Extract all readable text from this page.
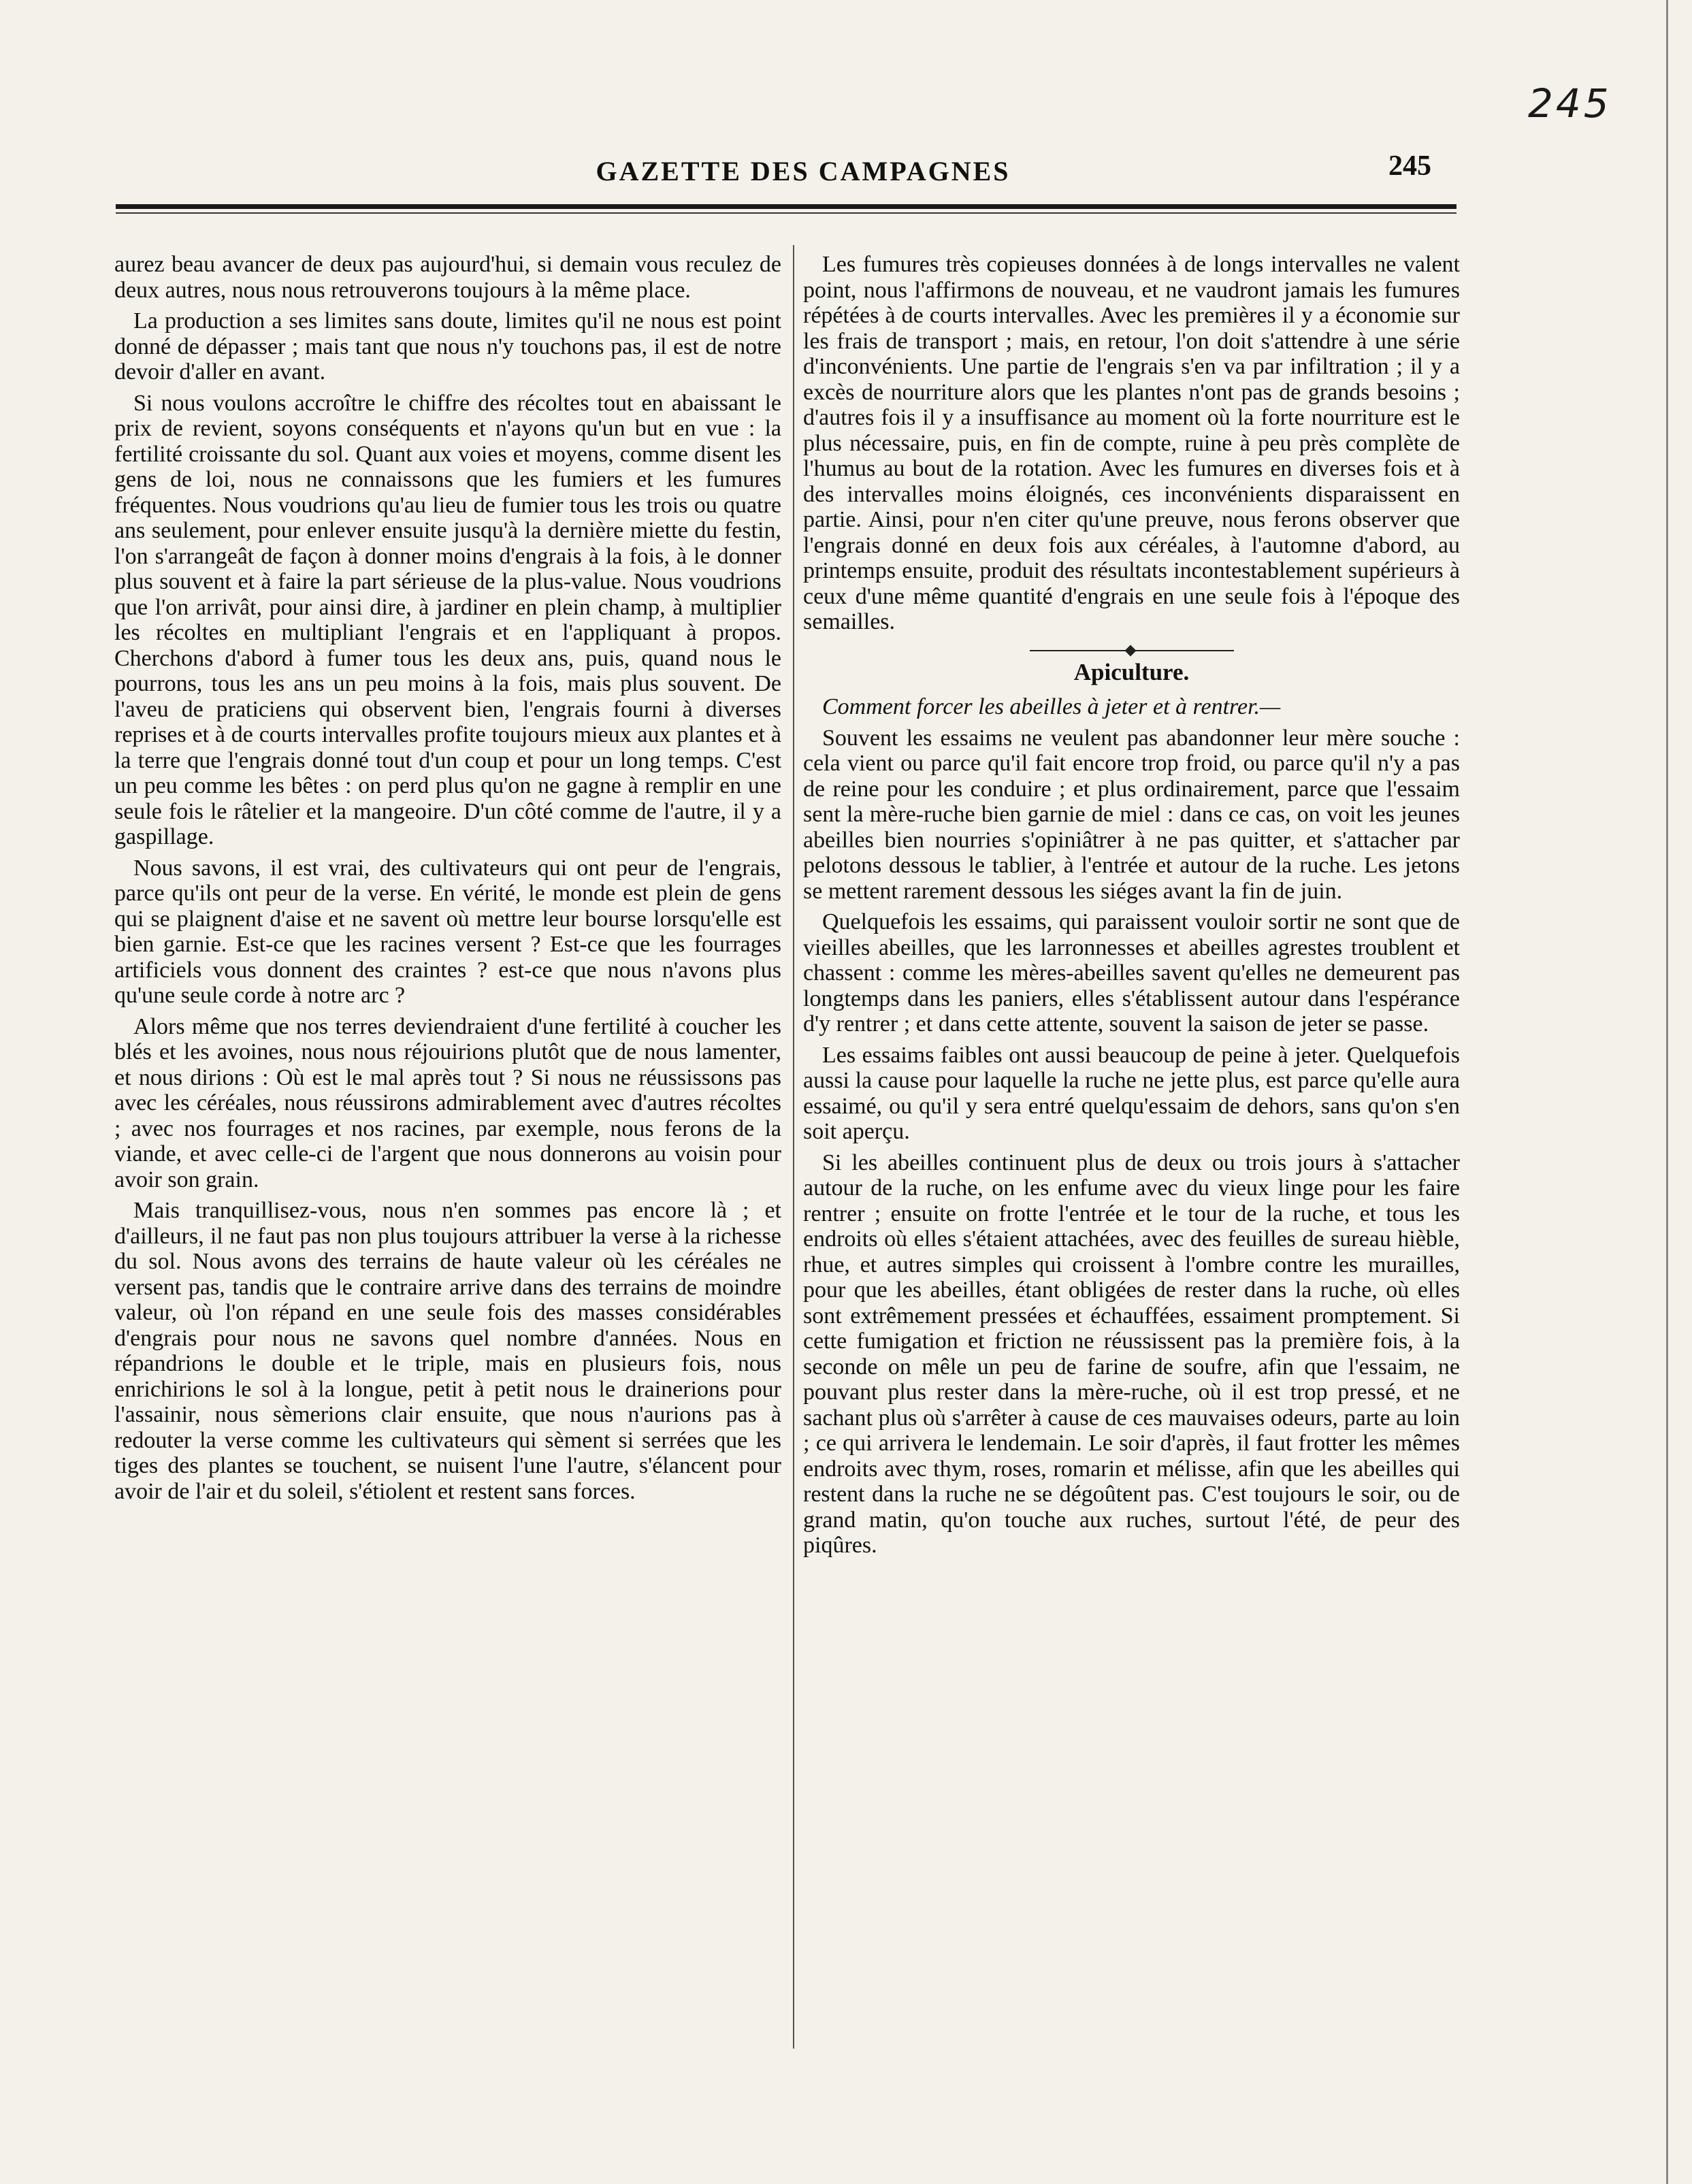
245
GAZETTE DES CAMPAGNES	245

aurez beau avancer de deux pas aujourd'hui, si demain vous reculez de deux autres, nous nous retrouverons toujours à la même place.

La production a ses limites sans doute, limites qu'il ne nous est point donné de dépasser ; mais tant que nous n'y touchons pas, il est de notre devoir d'aller en avant.

Si nous voulons accroître le chiffre des récoltes tout en abaissant le prix de revient, soyons conséquents et n'ayons qu'un but en vue : la fertilité croissante du sol. Quant aux voies et moyens, comme disent les gens de loi, nous ne connaissons que les fumiers et les fumures fréquentes. Nous voudrions qu'au lieu de fumier tous les trois ou quatre ans seulement, pour enlever ensuite jusqu'à la dernière miette du festin, l'on s'arrangeât de façon à donner moins d'engrais à la fois, à le donner plus souvent et à faire la part sérieuse de la plus-value. Nous voudrions que l'on arrivât, pour ainsi dire, à jardiner en plein champ, à multiplier les récoltes en multipliant l'engrais et en l'appliquant à propos. Cherchons d'abord à fumer tous les deux ans, puis, quand nous le pourrons, tous les ans un peu moins à la fois, mais plus souvent. De l'aveu de praticiens qui observent bien, l'engrais fourni à diverses reprises et à de courts intervalles profite toujours mieux aux plantes et à la terre que l'engrais donné tout d'un coup et pour un long temps. C'est un peu comme les bêtes : on perd plus qu'on ne gagne à remplir en une seule fois le râtelier et la mangeoire. D'un côté comme de l'autre, il y a gaspillage.

Nous savons, il est vrai, des cultivateurs qui ont peur de l'engrais, parce qu'ils ont peur de la verse. En vérité, le monde est plein de gens qui se plaignent d'aise et ne savent où mettre leur bourse lorsqu'elle est bien garnie. Est-ce que les racines versent ? Est-ce que les fourrages artificiels vous donnent des craintes ? est-ce que nous n'avons plus qu'une seule corde à notre arc ?

Alors même que nos terres deviendraient d'une fertilité à coucher les blés et les avoines, nous nous réjouirions plutôt que de nous lamenter, et nous dirions : Où est le mal après tout ? Si nous ne réussissons pas avec les céréales, nous réussirons admirablement avec d'autres récoltes ; avec nos fourrages et nos racines, par exemple, nous ferons de la viande, et avec celle-ci de l'argent que nous donnerons au voisin pour avoir son grain.

Mais tranquillisez-vous, nous n'en sommes pas encore là ; et d'ailleurs, il ne faut pas non plus toujours attribuer la verse à la richesse du sol. Nous avons des terrains de haute valeur où les céréales ne versent pas, tandis que le contraire arrive dans des terrains de moindre valeur, où l'on répand en une seule fois des masses considérables d'engrais pour nous ne savons quel nombre d'années. Nous en répandrions le double et le triple, mais en plusieurs fois, nous enrichirions le sol à la longue, petit à petit nous le drainerions pour l'assainir, nous sèmerions clair ensuite, que nous n'aurions pas à redouter la verse comme les cultivateurs qui sèment si serrées que les tiges des plantes se touchent, se nuisent l'une l'autre, s'élancent pour avoir de l'air et du soleil, s'étiolent et restent sans forces.

Les fumures très copieuses données à de longs intervalles ne valent point, nous l'affirmons de nouveau, et ne vaudront jamais les fumures répétées à de courts intervalles. Avec les premières il y a économie sur les frais de transport ; mais, en retour, l'on doit s'attendre à une série d'inconvénients. Une partie de l'engrais s'en va par infiltration ; il y a excès de nourriture alors que les plantes n'ont pas de grands besoins ; d'autres fois il y a insuffisance au moment où la forte nourriture est le plus nécessaire, puis, en fin de compte, ruine à peu près complète de l'humus au bout de la rotation. Avec les fumures en diverses fois et à des intervalles moins éloignés, ces inconvénients disparaissent en partie. Ainsi, pour n'en citer qu'une preuve, nous ferons observer que l'engrais donné en deux fois aux céréales, à l'automne d'abord, au printemps ensuite, produit des résultats incontestablement supérieurs à ceux d'une même quantité d'engrais en une seule fois à l'époque des semailles.

Apiculture.

Comment forcer les abeilles à jeter et à rentrer.—

Souvent les essaims ne veulent pas abandonner leur mère souche : cela vient ou parce qu'il fait encore trop froid, ou parce qu'il n'y a pas de reine pour les conduire ; et plus ordinairement, parce que l'essaim sent la mère-ruche bien garnie de miel : dans ce cas, on voit les jeunes abeilles bien nourries s'opiniâtrer à ne pas quitter, et s'attacher par pelotons dessous le tablier, à l'entrée et autour de la ruche. Les jetons se mettent rarement dessous les siéges avant la fin de juin.

Quelquefois les essaims, qui paraissent vouloir sortir ne sont que de vieilles abeilles, que les larronnesses et abeilles agrestes troublent et chassent : comme les mères-abeilles savent qu'elles ne demeurent pas longtemps dans les paniers, elles s'établissent autour dans l'espérance d'y rentrer ; et dans cette attente, souvent la saison de jeter se passe.

Les essaims faibles ont aussi beaucoup de peine à jeter. Quelquefois aussi la cause pour laquelle la ruche ne jette plus, est parce qu'elle aura essaimé, ou qu'il y sera entré quelqu'essaim de dehors, sans qu'on s'en soit aperçu.

Si les abeilles continuent plus de deux ou trois jours à s'attacher autour de la ruche, on les enfume avec du vieux linge pour les faire rentrer ; ensuite on frotte l'entrée et le tour de la ruche, et tous les endroits où elles s'étaient attachées, avec des feuilles de sureau hièble, rhue, et autres simples qui croissent à l'ombre contre les murailles, pour que les abeilles, étant obligées de rester dans la ruche, où elles sont extrêmement pressées et échauffées, essaiment promptement. Si cette fumigation et friction ne réussissent pas la première fois, à la seconde on mêle un peu de farine de soufre, afin que l'essaim, ne pouvant plus rester dans la mère-ruche, où il est trop pressé, et ne sachant plus où s'arrêter à cause de ces mauvaises odeurs, parte au loin ; ce qui arrivera le lendemain. Le soir d'après, il faut frotter les mêmes endroits avec thym, roses, romarin et mélisse, afin que les abeilles qui restent dans la ruche ne se dégoûtent pas. C'est toujours le soir, ou de grand matin, qu'on touche aux ruches, surtout l'été, de peur des piqûres.
